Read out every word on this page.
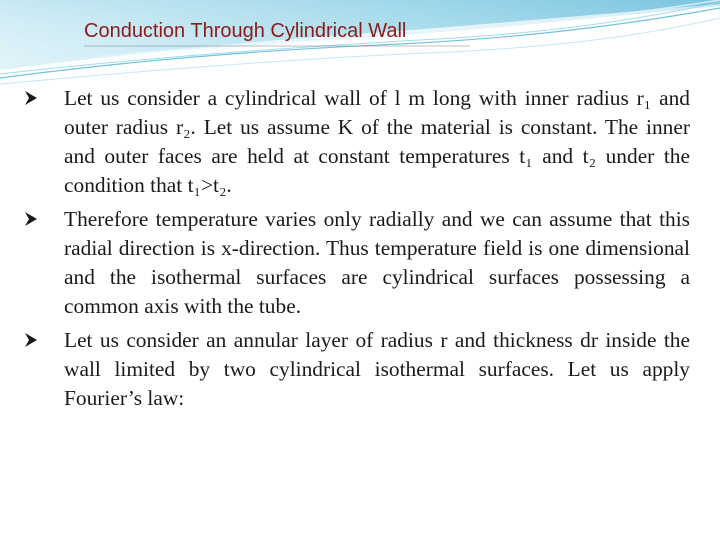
Conduction Through Cylindrical Wall
Let us consider a cylindrical wall of l m long with inner radius r₁ and outer radius r₂. Let us assume K of the material is constant. The inner and outer faces are held at constant temperatures t₁ and t₂ under the condition that t₁>t₂.
Therefore temperature varies only radially and we can assume that this radial direction is x-direction. Thus temperature field is one dimensional and the isothermal surfaces are cylindrical surfaces possessing a common axis with the tube.
Let us consider an annular layer of radius r and thickness dr inside the wall limited by two cylindrical isothermal surfaces. Let us apply Fourier’s law:
